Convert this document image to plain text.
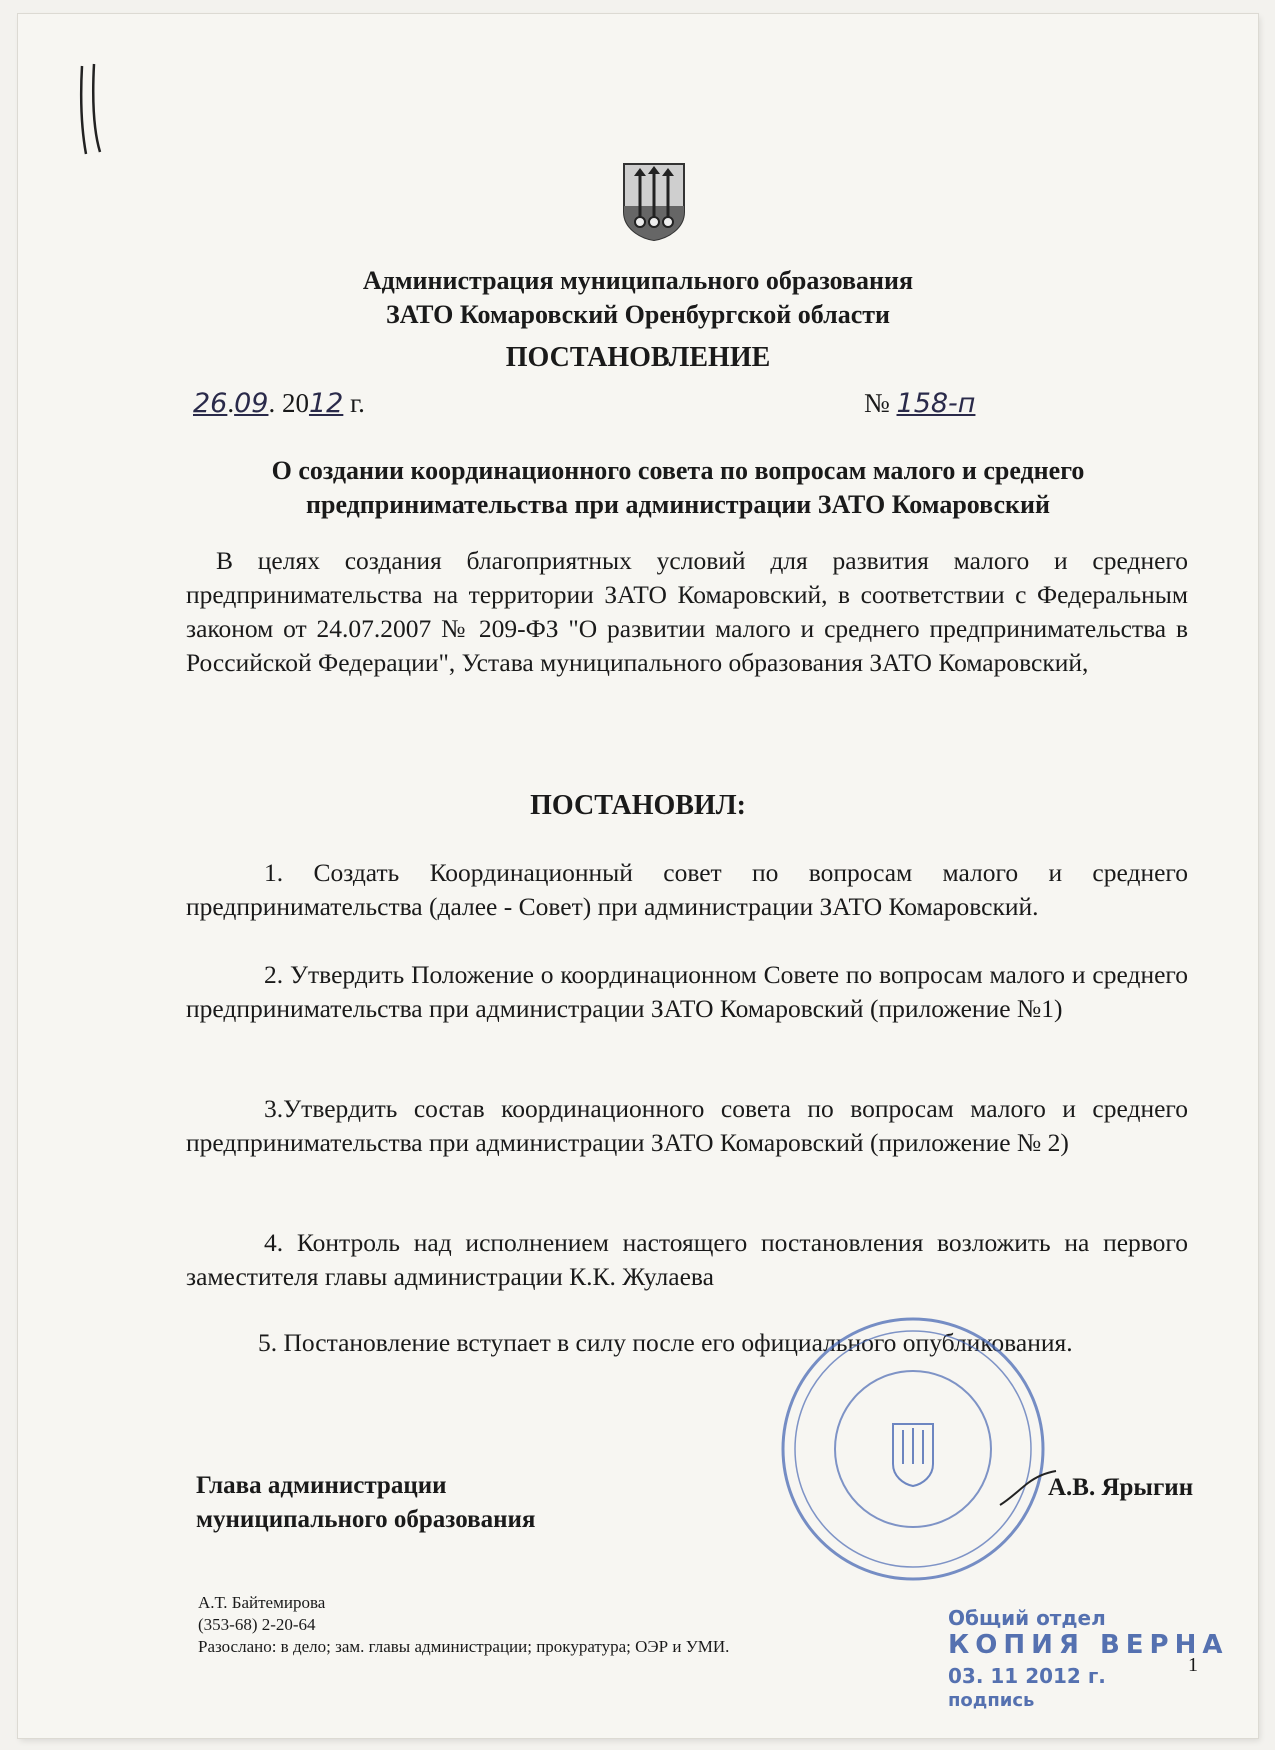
Администрация муниципального образования
ЗАТО Комаровский Оренбургской области
ПОСТАНОВЛЕНИЕ
26.09. 2012 г.	№ 158-п
О создании координационного совета по вопросам малого и среднего
предпринимательства при администрации ЗАТО Комаровский
В целях создания благоприятных условий для развития малого и среднего предпринимательства на территории ЗАТО Комаровский, в соответствии с Федеральным законом от 24.07.2007 № 209-ФЗ "О развитии малого и среднего предпринимательства в Российской Федерации", Устава муниципального образования ЗАТО Комаровский,
ПОСТАНОВИЛ:
1. Создать Координационный совет по вопросам малого и среднего предпринимательства (далее - Совет) при администрации ЗАТО Комаровский.
2. Утвердить Положение о координационном Совете по вопросам малого и среднего предпринимательства при администрации ЗАТО Комаровский (приложение №1)
3.Утвердить состав координационного совета по вопросам малого и среднего предпринимательства при администрации ЗАТО Комаровский (приложение № 2)
4. Контроль над исполнением настоящего постановления возложить на первого заместителя главы администрации К.К. Жулаева
5. Постановление вступает в силу после его официального опубликования.
Глава администрации
муниципального образования
А.В. Ярыгин
А.Т. Байтемирова
(353-68) 2-20-64
Разослано: в дело; зам. главы администрации; прокуратура; ОЭР и УМИ.
Общий отдел
КОПИЯ ВЕРНА
03. 11 2012 г.
подпись
1
